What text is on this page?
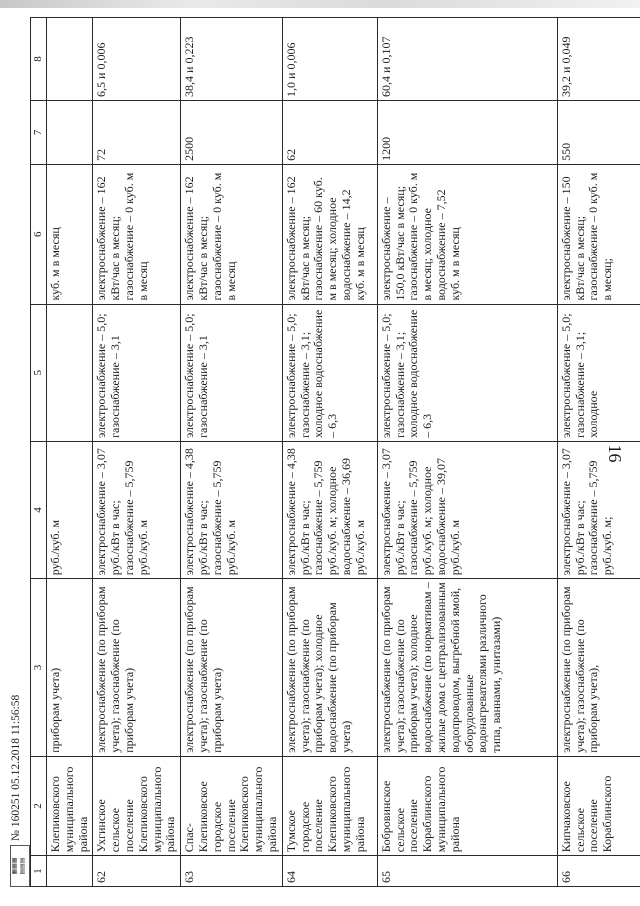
16
▦▦▦ ▤▤▤
№ 160251 05.12.2018 11:56:58
1	2	3	4	5	6	7	8
	Клепиковского муниципального района	приборам учета)	руб./куб. м		куб. м в месяц		
62	Ухгинское сельское поселение Клепиковского муниципального района	электроснабжение (по приборам учета); газоснабжение (по приборам учета)	электроснабжение – 3,07 руб./кВт в час; газоснабжение – 5,759 руб./куб. м	электроснабжение – 5,0; газоснабжение – 3,1	электроснабжение – 162 кВт/час в месяц; газоснабжение – 0 куб. м в месяц	72	6,5 и 0,006
63	Спас-Клепиковское городское поселение Клепиковского муниципального района	электроснабжение (по приборам учета); газоснабжение (по приборам учета)	электроснабжение – 4,38 руб./кВт в час; газоснабжение – 5,759 руб./куб. м	электроснабжение – 5,0; газоснабжение – 3,1	электроснабжение – 162 кВт/час в месяц; газоснабжение – 0 куб. м в месяц	2500	38,4 и 0,223
64	Тумское городское поселение Клепиковского муниципального района	электроснабжение (по приборам учета); газоснабжение (по приборам учета); холодное водоснабжение (по приборам учета)	электроснабжение – 4,38 руб./кВт в час; газоснабжение – 5,759 руб./куб. м; холодное водоснабжение – 36,69 руб./куб. м	электроснабжение – 5,0; газоснабжение – 3,1; холодное водоснабжение – 6,3	электроснабжение – 162 кВт/час в месяц; газоснабжение – 60 куб. м в месяц; холодное водоснабжение – 14,2 куб. м в месяц	62	1,0 и 0,006
65	Бобровинское сельское поселение Кораблинского муниципального района	электроснабжение (по приборам учета); газоснабжение (по приборам учета); холодное водоснабжение (по нормативам – жилые дома с централизованным водопроводом, выгребной ямой, оборудованные водонагревателями различного типа, ваннами, унитазами)	электроснабжение – 3,07 руб./кВт в час; газоснабжение – 5,759 руб./куб. м; холодное водоснабжение – 39,07 руб./куб. м	электроснабжение – 5,0; газоснабжение – 3,1; холодное водоснабжение – 6,3	электроснабжение – 150,0 кВт/час в месяц; газоснабжение – 0 куб. м в месяц; холодное водоснабжение – 7,52 куб. м в месяц	1200	60,4 и 0,107
66	Кипчаковское сельское поселение Кораблинского	электроснабжение (по приборам учета); газоснабжение (по приборам учета),	электроснабжение – 3,07 руб./кВт в час; газоснабжение – 5,759 руб./куб. м;	электроснабжение – 5,0; газоснабжение – 3,1; холодное	электроснабжение – 150 кВт/час в месяц; газоснабжение – 0 куб. м в месяц;	550	39,2 и 0,049
